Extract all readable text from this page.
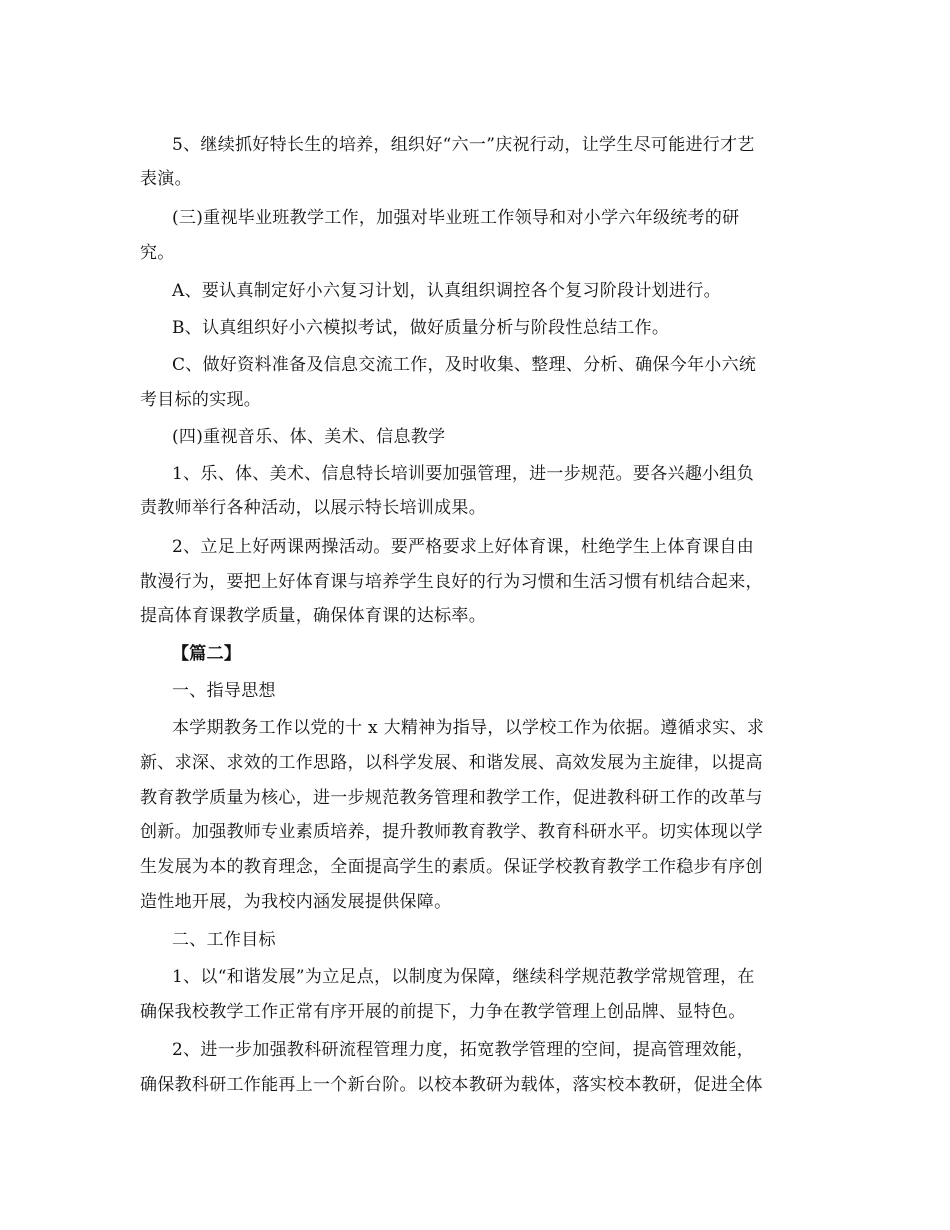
5、继续抓好特长生的培养，组织好“六一”庆祝行动，让学生尽可能进行才艺
表演。
(三)重视毕业班教学工作，加强对毕业班工作领导和对小学六年级统考的研
究。
A、要认真制定好小六复习计划，认真组织调控各个复习阶段计划进行。
B、认真组织好小六模拟考试，做好质量分析与阶段性总结工作。
C、做好资料准备及信息交流工作，及时收集、整理、分析、确保今年小六统
考目标的实现。
(四)重视音乐、体、美术、信息教学
1、乐、体、美术、信息特长培训要加强管理，进一步规范。要各兴趣小组负
责教师举行各种活动，以展示特长培训成果。
2、立足上好两课两操活动。要严格要求上好体育课，杜绝学生上体育课自由
散漫行为，要把上好体育课与培养学生良好的行为习惯和生活习惯有机结合起来，
提高体育课教学质量，确保体育课的达标率。
【篇二】
一、指导思想
本学期教务工作以党的十 x 大精神为指导，以学校工作为依据。遵循求实、求
新、求深、求效的工作思路，以科学发展、和谐发展、高效发展为主旋律，以提高
教育教学质量为核心，进一步规范教务管理和教学工作，促进教科研工作的改革与
创新。加强教师专业素质培养，提升教师教育教学、教育科研水平。切实体现以学
生发展为本的教育理念，全面提高学生的素质。保证学校教育教学工作稳步有序创
造性地开展，为我校内涵发展提供保障。
二、工作目标
1、以“和谐发展”为立足点，以制度为保障，继续科学规范教学常规管理，在
确保我校教学工作正常有序开展的前提下，力争在教学管理上创品牌、显特色。
2、进一步加强教科研流程管理力度，拓宽教学管理的空间，提高管理效能，
确保教科研工作能再上一个新台阶。以校本教研为载体，落实校本教研，促进全体
